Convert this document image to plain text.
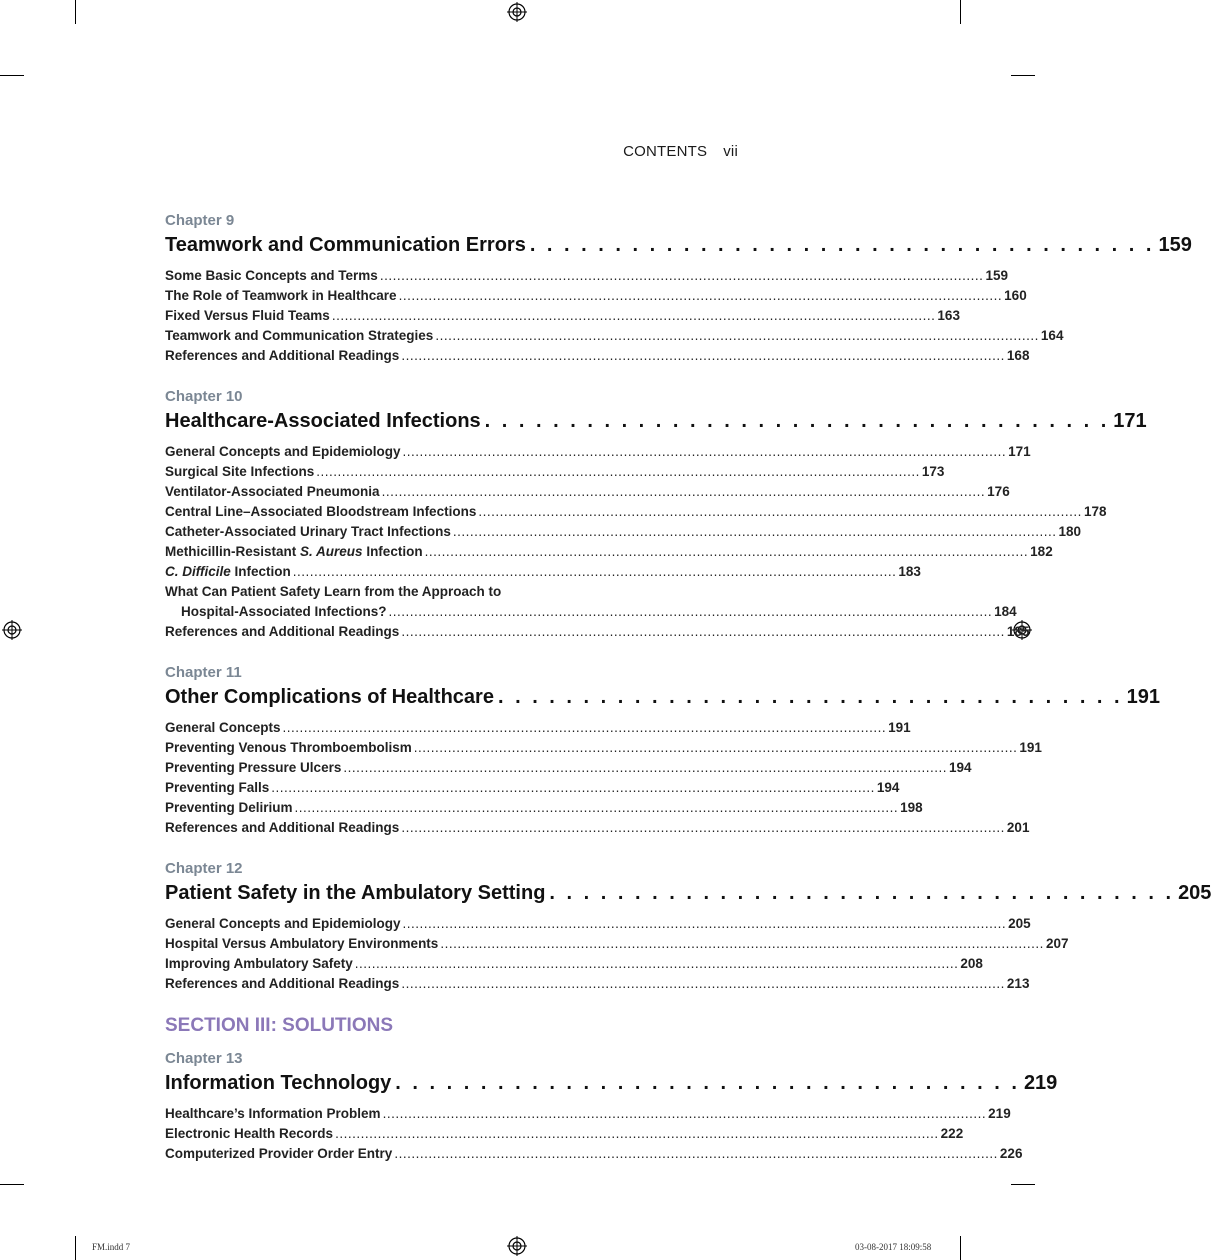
CONTENTS vii
Chapter 9
Teamwork and Communication Errors . . . . . . . . . . . . . . . . . . . . . . . . . . . . . . . . . . . . . 159
Some Basic Concepts and Terms .............................................................................................................................................. 159
The Role of Teamwork in Healthcare .............................................................................................................................................. 160
Fixed Versus Fluid Teams .............................................................................................................................................. 163
Teamwork and Communication Strategies .............................................................................................................................................. 164
References and Additional Readings .............................................................................................................................................. 168
Chapter 10
Healthcare-Associated Infections . . . . . . . . . . . . . . . . . . . . . . . . . . . . . . . . . . . . . 171
General Concepts and Epidemiology .............................................................................................................................................. 171
Surgical Site Infections .............................................................................................................................................. 173
Ventilator-Associated Pneumonia .............................................................................................................................................. 176
Central Line–Associated Bloodstream Infections .............................................................................................................................................. 178
Catheter-Associated Urinary Tract Infections .............................................................................................................................................. 180
Methicillin-Resistant S. Aureus Infection .............................................................................................................................................. 182
C. Difficile Infection .............................................................................................................................................. 183
What Can Patient Safety Learn from the Approach to
Hospital-Associated Infections? .............................................................................................................................................. 184
References and Additional Readings .............................................................................................................................................. 185
Chapter 11
Other Complications of Healthcare . . . . . . . . . . . . . . . . . . . . . . . . . . . . . . . . . . . . . 191
General Concepts .............................................................................................................................................. 191
Preventing Venous Thromboembolism .............................................................................................................................................. 191
Preventing Pressure Ulcers .............................................................................................................................................. 194
Preventing Falls .............................................................................................................................................. 194
Preventing Delirium .............................................................................................................................................. 198
References and Additional Readings .............................................................................................................................................. 201
Chapter 12
Patient Safety in the Ambulatory Setting . . . . . . . . . . . . . . . . . . . . . . . . . . . . . . . . . . . . . 205
General Concepts and Epidemiology .............................................................................................................................................. 205
Hospital Versus Ambulatory Environments .............................................................................................................................................. 207
Improving Ambulatory Safety .............................................................................................................................................. 208
References and Additional Readings .............................................................................................................................................. 213
SECTION III: SOLUTIONS
Chapter 13
Information Technology . . . . . . . . . . . . . . . . . . . . . . . . . . . . . . . . . . . . . 219
Healthcare’s Information Problem .............................................................................................................................................. 219
Electronic Health Records .............................................................................................................................................. 222
Computerized Provider Order Entry .............................................................................................................................................. 226
FM.indd 7	03-08-2017 18:09:58
